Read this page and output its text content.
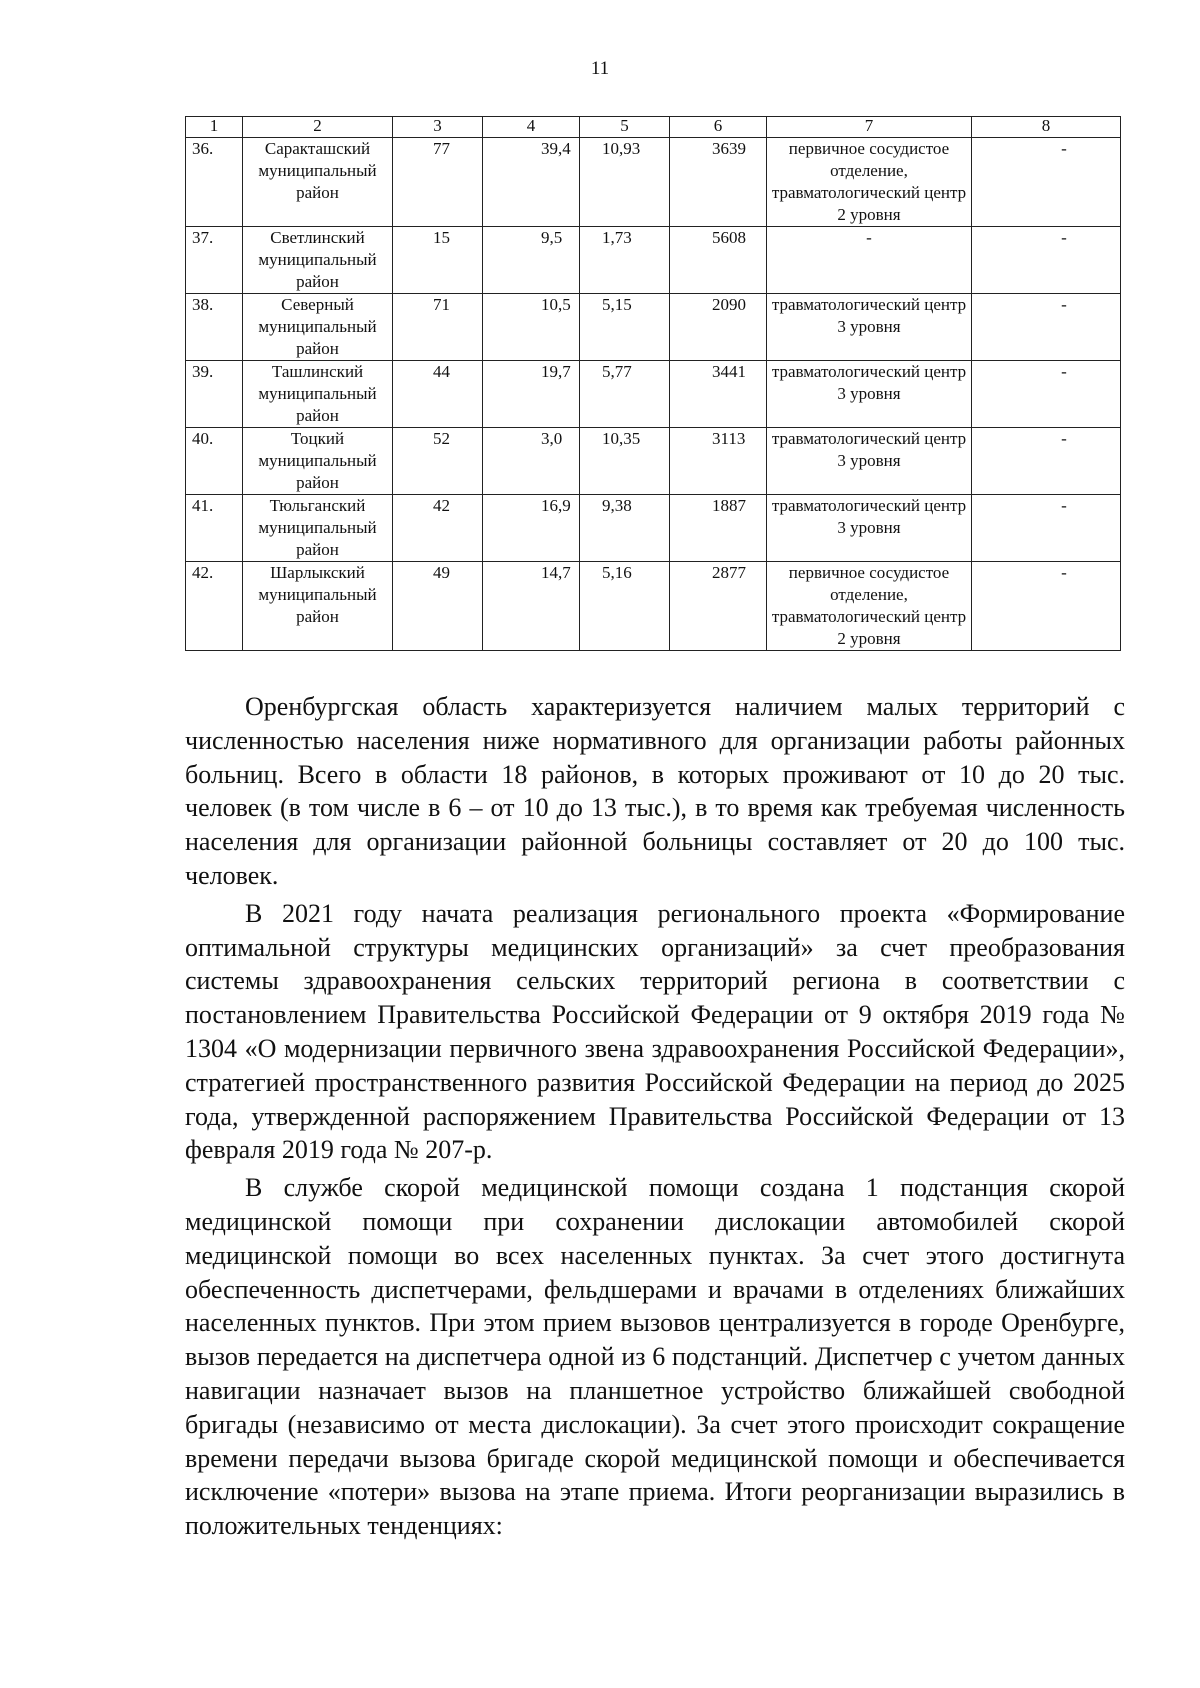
11
1	2	3	4	5	6	7	8
36.	Саракташский муниципальный район	77	39,4	10,93	3639	первичное сосудистое отделение, травматологический центр 2 уровня	-
37.	Светлинский муниципальный район	15	9,5	1,73	5608	-	-
38.	Северный муниципальный район	71	10,5	5,15	2090	травматологический центр 3 уровня	-
39.	Ташлинский муниципальный район	44	19,7	5,77	3441	травматологический центр 3 уровня	-
40.	Тоцкий муниципальный район	52	3,0	10,35	3113	травматологический центр 3 уровня	-
41.	Тюльганский муниципальный район	42	16,9	9,38	1887	травматологический центр 3 уровня	-
42.	Шарлыкский муниципальный район	49	14,7	5,16	2877	первичное сосудистое отделение, травматологический центр 2 уровня	-

Оренбургская область характеризуется наличием малых территорий с численностью населения ниже нормативного для организации работы районных больниц. Всего в области 18 районов, в которых проживают от 10 до 20 тыс. человек (в том числе в 6 – от 10 до 13 тыс.), в то время как требуемая численность населения для организации районной больницы составляет от 20 до 100 тыс. человек.

В 2021 году начата реализация регионального проекта «Формирование оптимальной структуры медицинских организаций» за счет преобразования системы здравоохранения сельских территорий региона в соответствии с постановлением Правительства Российской Федерации от 9 октября 2019 года № 1304 «О модернизации первичного звена здравоохранения Российской Федерации», стратегией пространственного развития Российской Федерации на период до 2025 года, утвержденной распоряжением Правительства Российской Федерации от 13 февраля 2019 года № 207-р.

В службе скорой медицинской помощи создана 1 подстанция скорой медицинской помощи при сохранении дислокации автомобилей скорой медицинской помощи во всех населенных пунктах. За счет этого достигнута обеспеченность диспетчерами, фельдшерами и врачами в отделениях ближайших населенных пунктов. При этом прием вызовов централизуется в городе Оренбурге, вызов передается на диспетчера одной из 6 подстанций. Диспетчер с учетом данных навигации назначает вызов на планшетное устройство ближайшей свободной бригады (независимо от места дислокации). За счет этого происходит сокращение времени передачи вызова бригаде скорой медицинской помощи и обеспечивается исключение «потери» вызова на этапе приема. Итоги реорганизации выразились в положительных тенденциях:
